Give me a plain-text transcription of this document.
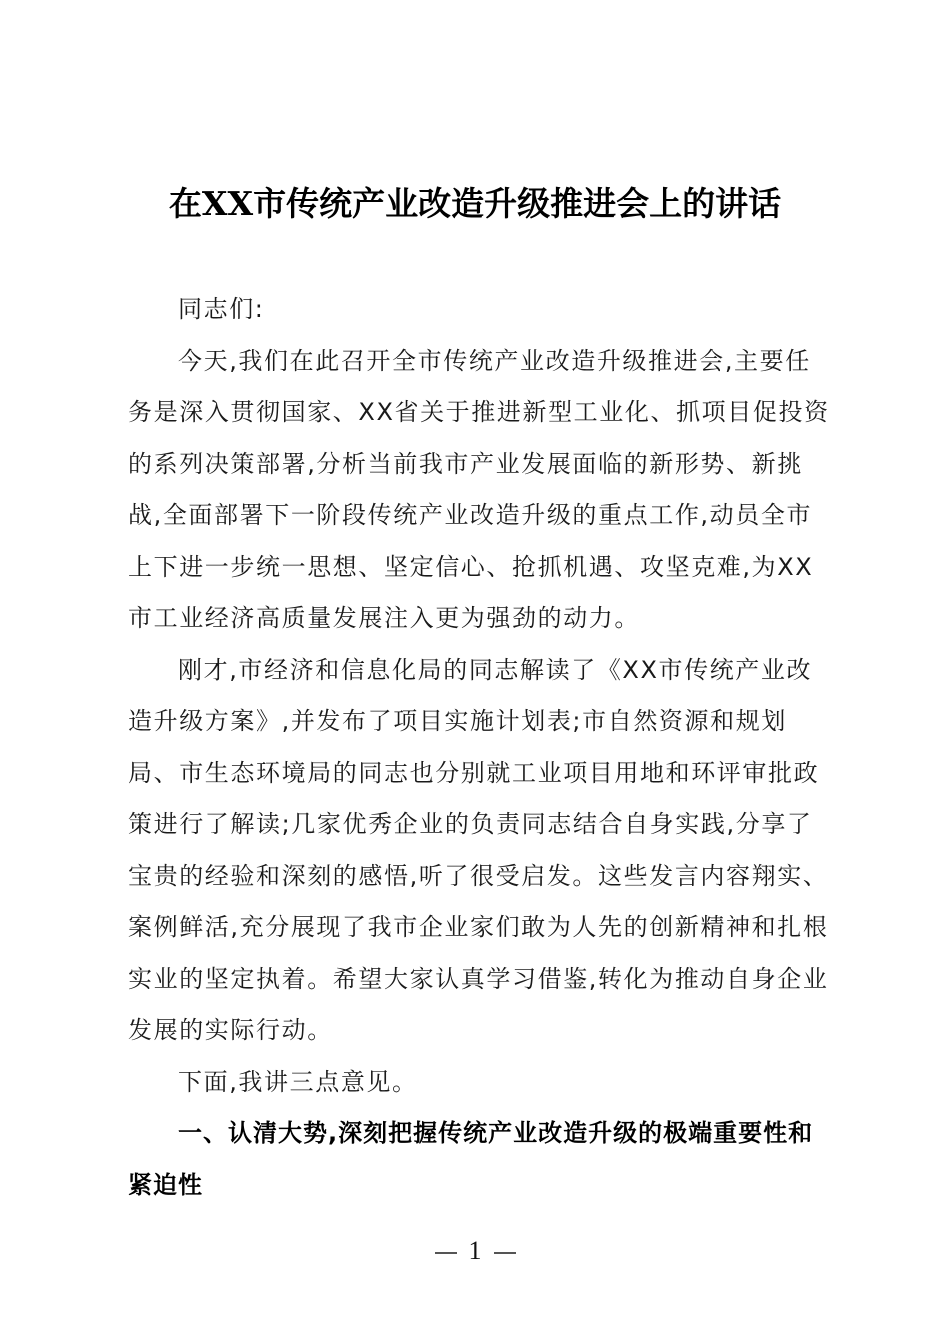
在XX市传统产业改造升级推进会上的讲话
同志们:
今天,我们在此召开全市传统产业改造升级推进会,主要任
务是深入贯彻国家、XX省关于推进新型工业化、抓项目促投资
的系列决策部署,分析当前我市产业发展面临的新形势、新挑
战,全面部署下一阶段传统产业改造升级的重点工作,动员全市
上下进一步统一思想、坚定信心、抢抓机遇、攻坚克难,为XX
市工业经济高质量发展注入更为强劲的动力。
刚才,市经济和信息化局的同志解读了《XX市传统产业改
造升级方案》,并发布了项目实施计划表;市自然资源和规划
局、市生态环境局的同志也分别就工业项目用地和环评审批政
策进行了解读;几家优秀企业的负责同志结合自身实践,分享了
宝贵的经验和深刻的感悟,听了很受启发。这些发言内容翔实、
案例鲜活,充分展现了我市企业家们敢为人先的创新精神和扎根
实业的坚定执着。希望大家认真学习借鉴,转化为推动自身企业
发展的实际行动。
下面,我讲三点意见。
一、认清大势,深刻把握传统产业改造升级的极端重要性和
紧迫性
1
